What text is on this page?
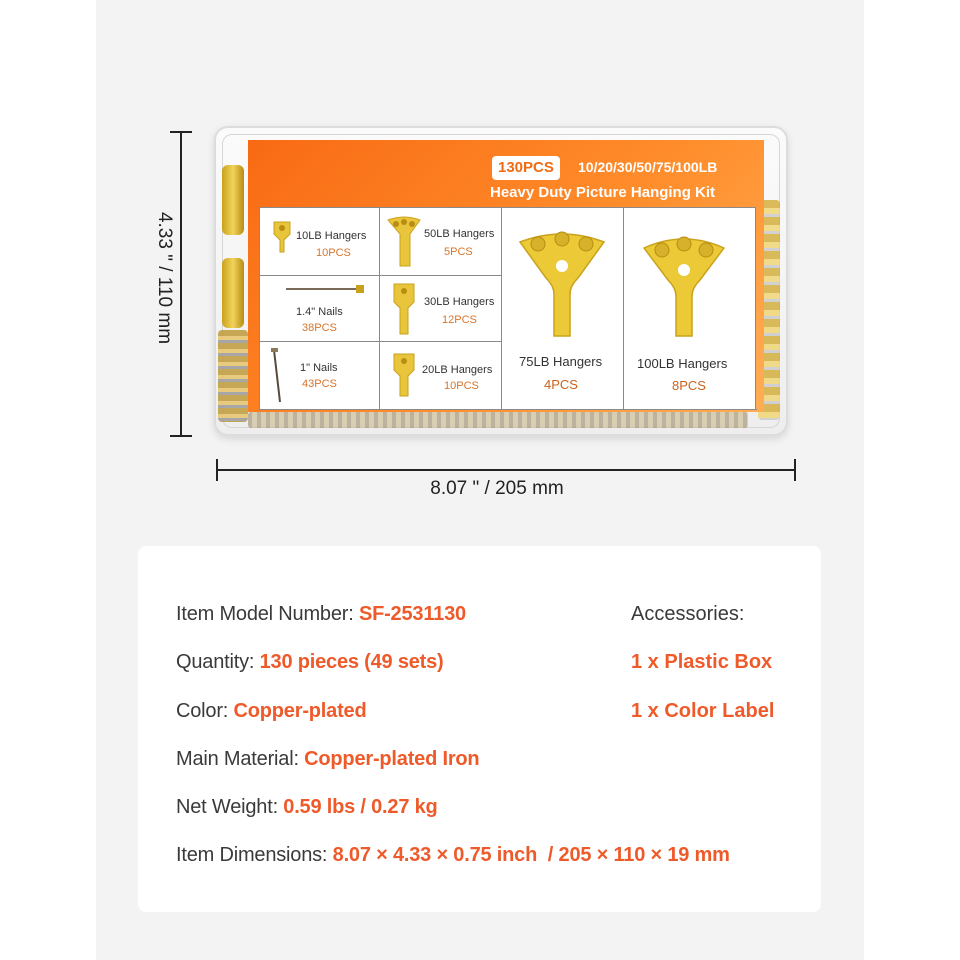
130PCS	10/20/30/50/75/100LB
Heavy Duty Picture Hanging Kit
10LB Hangers
10PCS
50LB Hangers
5PCS
1.4" Nails
38PCS
30LB Hangers
12PCS
1" Nails
43PCS
20LB Hangers
10PCS
75LB Hangers
4PCS
100LB Hangers
8PCS
4.33 " / 110 mm
8.07 " / 205 mm
Item Model Number: SF-2531130
Quantity: 130 pieces (49 sets)
Color: Copper-plated
Main Material: Copper-plated Iron
Net Weight: 0.59 lbs / 0.27 kg
Item Dimensions: 8.07 × 4.33 × 0.75 inch  / 205 × 110 × 19 mm
Accessories:
1 x Plastic Box
1 x Color Label
